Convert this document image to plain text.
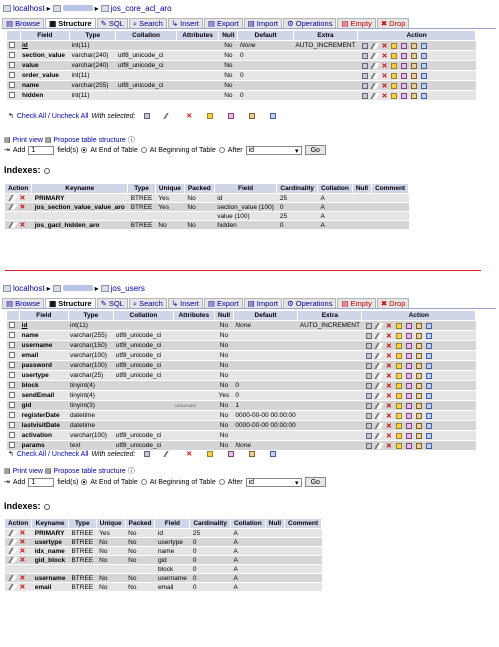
localhost ▸	▸ jos_core_acl_aro
▤ Browse ▦ Structure ✎ SQL ⌕ Search ↳ Insert ▤ Export ▤ Import ⚙ Operations ▤ Empty ✖ Drop
	Field	Type	Collation	Attributes	Null	Default	Extra	Action
	id	int(11)			No	None	AUTO_INCREMENT	✕
	section_value	varchar(240)	utf8_unicode_ci		No	0		✕
	value	varchar(240)	utf8_unicode_ci		No			✕
	order_value	int(11)			No	0		✕
	name	varchar(255)	utf8_unicode_ci		No			✕
	hidden	int(11)			No	0		✕
↰ Check All / Uncheck All With selected:	✕
▤ Print view ▤ Propose table structure ⓘ
⇥ Add 1	field(s) At End of Table At Beginning of Table After id	▾	Go
Indexes:
Action	Keyname	Type	Unique	Packed	Field	Cardinality	Collation	Null	Comment
✕	PRIMARY	BTREE	Yes	No	id	25	A		
✕	jos_section_value_value_aro	BTREE	Yes	No	section_value (100)	0	A		
					value (100)	25	A		
✕	jos_gacl_hidden_aro	BTREE	No	No	hidden	0	A		
localhost ▸	▸ jos_users
▤ Browse ▦ Structure ✎ SQL ⌕ Search ↳ Insert ▤ Export ▤ Import ⚙ Operations ▤ Empty ✖ Drop
	Field	Type	Collation	Attributes	Null	Default	Extra	Action
	id	int(11)			No	None	AUTO_INCREMENT	✕
	name	varchar(255)	utf8_unicode_ci		No			✕
	username	varchar(150)	utf8_unicode_ci		No			✕
	email	varchar(100)	utf8_unicode_ci		No			✕
	password	varchar(100)	utf8_unicode_ci		No			✕
	usertype	varchar(25)	utf8_unicode_ci		No			✕
	block	tinyint(4)			No	0		✕
	sendEmail	tinyint(4)			Yes	0		✕
	gid	tinyint(3)		UNSIGNED	No	1		✕
	registerDate	datetime			No	0000-00-00 00:00:00		✕
	lastvisitDate	datetime			No	0000-00-00 00:00:00		✕
	activation	varchar(100)	utf8_unicode_ci		No			✕
	params	text	utf8_unicode_ci		No	None		✕
↰ Check All / Uncheck All With selected:	✕
▤ Print view ▤ Propose table structure ⓘ
⇥ Add 1	field(s) At End of Table At Beginning of Table After id	▾	Go
Indexes:
Action	Keyname	Type	Unique	Packed	Field	Cardinality	Collation	Null	Comment
✕	PRIMARY	BTREE	Yes	No	id	25	A		
✕	usertype	BTREE	No	No	usertype	0	A		
✕	idx_name	BTREE	No	No	name	0	A		
✕	gid_block	BTREE	No	No	gid	0	A		
					block	0	A		
✕	username	BTREE	No	No	username	0	A		
✕	email	BTREE	No	No	email	0	A		
